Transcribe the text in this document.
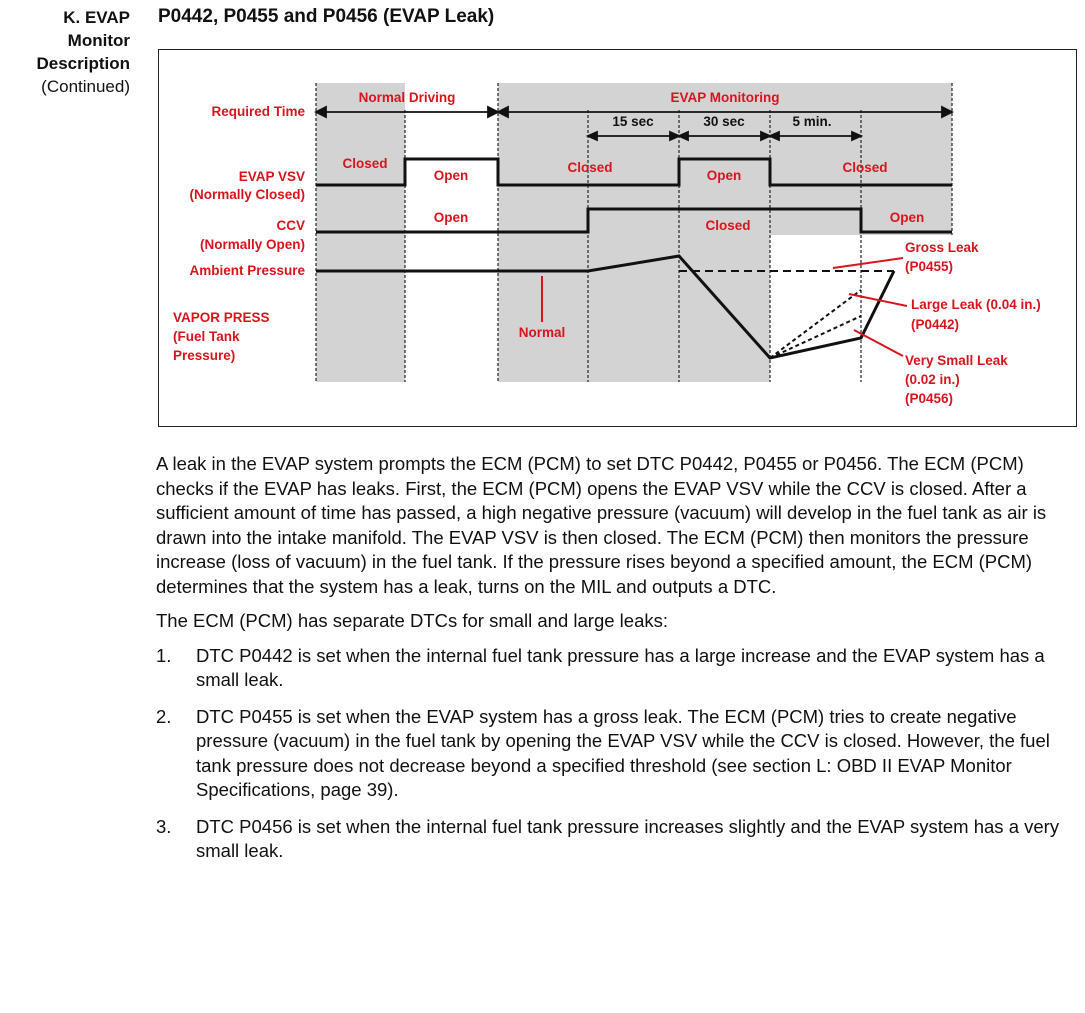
K. EVAP
Monitor
Description
(Continued)
P0442, P0455 and P0456 (EVAP Leak)
Normal Driving	EVAP Monitoring
15 sec	30 sec	5 min.
Required Time
EVAP VSV
(Normally Closed)
CCV
(Normally Open)
Ambient Pressure
VAPOR PRESS
(Fuel Tank
Pressure)
Closed
Open
Closed
Open
Closed
Open
Closed
Open
Normal
Gross Leak
(P0455)
Large Leak (0.04 in.)
(P0442)
Very Small Leak
(0.02 in.)
(P0456)

A leak in the EVAP system prompts the ECM (PCM) to set DTC P0442, P0455 or P0456. The ECM (PCM) checks if the EVAP has leaks. First, the ECM (PCM) opens the EVAP VSV while the CCV is closed. After a sufficient amount of time has passed, a high negative pressure (vacuum) will develop in the fuel tank as air is drawn into the intake manifold. The EVAP VSV is then closed. The ECM (PCM) then monitors the pressure increase (loss of vacuum) in the fuel tank. If the pressure rises beyond a specified amount, the ECM (PCM) determines that the system has a leak, turns on the MIL and outputs a DTC.

The ECM (PCM) has separate DTCs for small and large leaks:

1. DTC P0442 is set when the internal fuel tank pressure has a large increase and the EVAP system has a small leak.
2. DTC P0455 is set when the EVAP system has a gross leak. The ECM (PCM) tries to create negative pressure (vacuum) in the fuel tank by opening the EVAP VSV while the CCV is closed. However, the fuel tank pressure does not decrease beyond a specified threshold (see section L: OBD II EVAP Monitor Specifications, page 39).
3. DTC P0456 is set when the internal fuel tank pressure increases slightly and the EVAP system has a very small leak.
